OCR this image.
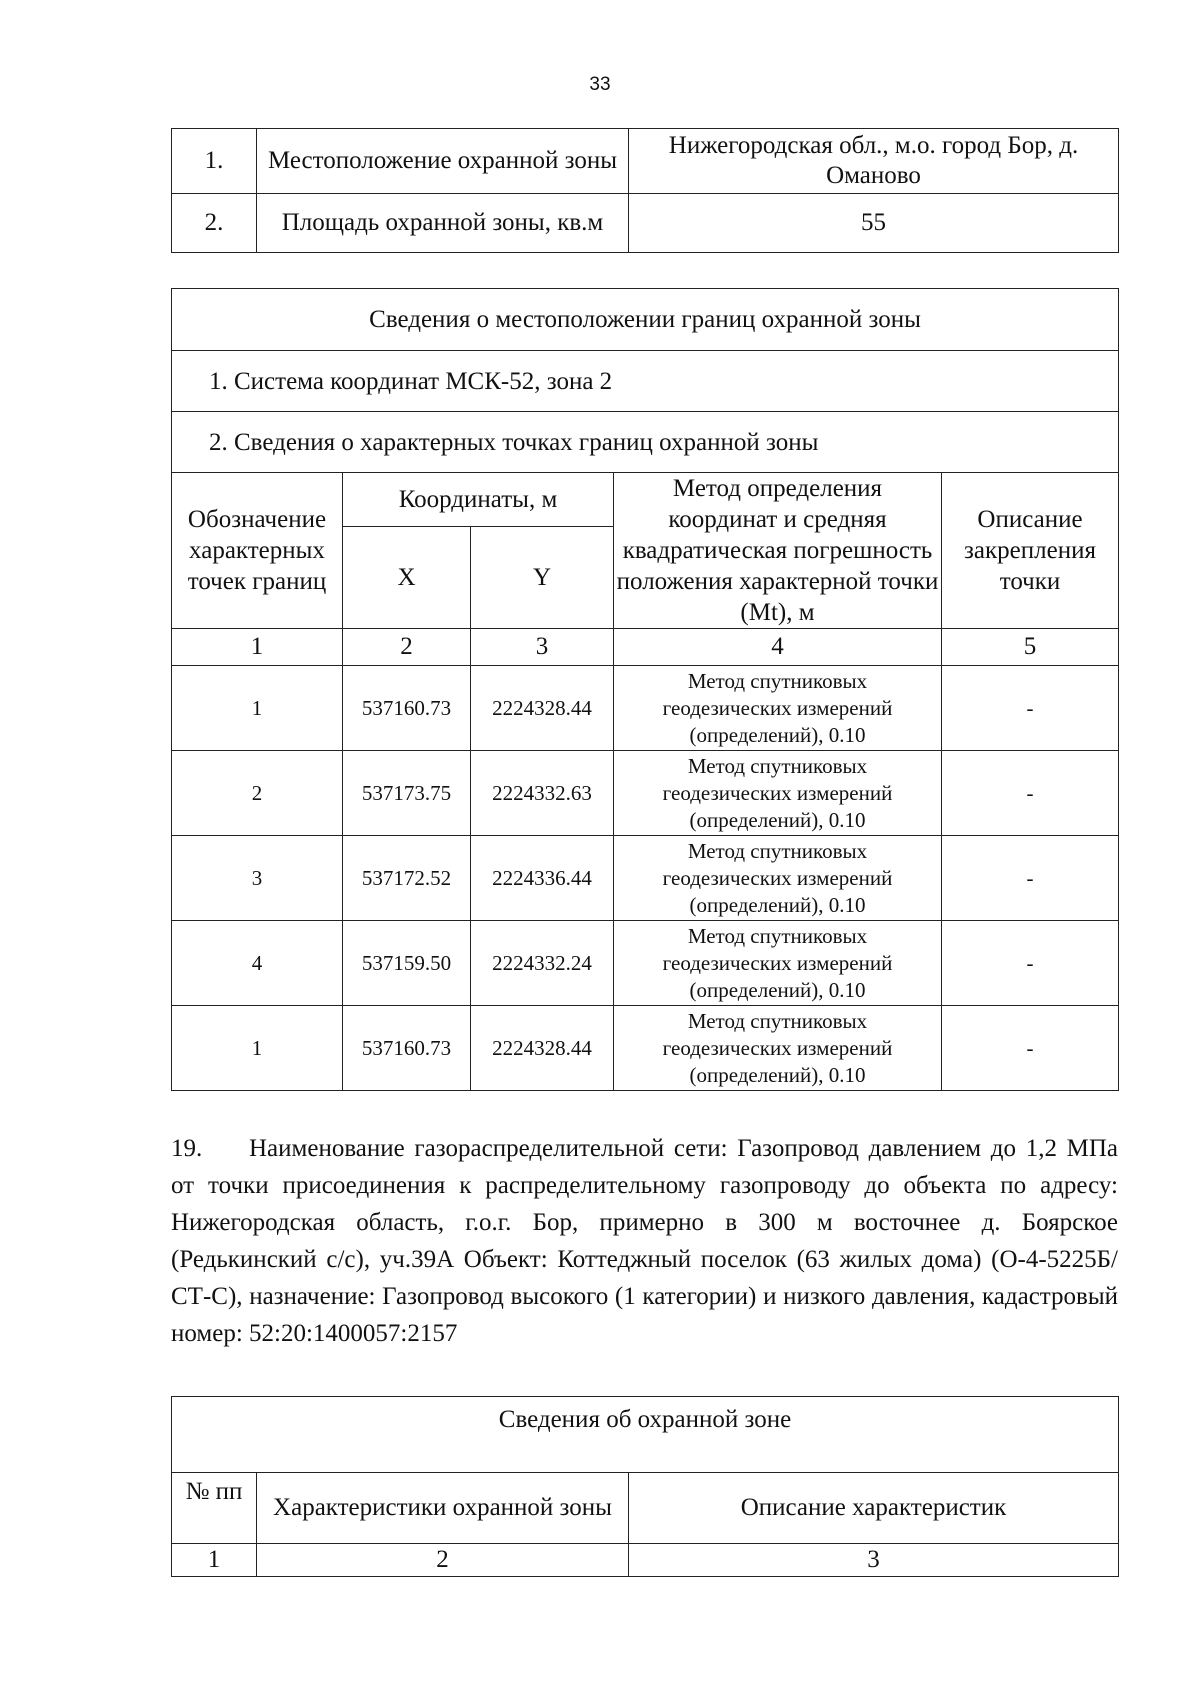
33
1.	Местоположение охранной зоны	Нижегородская обл., м.о. город Бор, д. Оманово
2.	Площадь охранной зоны, кв.м	55
Сведения о местоположении границ охранной зоны				
1. Система координат МСК-52, зона 2				
2. Сведения о характерных точках границ охранной зоны				
Обозначение характерных точек границ	Координаты, м		Метод определения координат и средняя квадратическая погрешность положения характерной точки (Mt), м	Описание закрепления точки
	X	Y		
1	2	3	4	5
1	537160.73	2224328.44	Метод спутниковых геодезических измерений (определений), 0.10	-
2	537173.75	2224332.63	Метод спутниковых геодезических измерений (определений), 0.10	-
3	537172.52	2224336.44	Метод спутниковых геодезических измерений (определений), 0.10	-
4	537159.50	2224332.24	Метод спутниковых геодезических измерений (определений), 0.10	-
1	537160.73	2224328.44	Метод спутниковых геодезических измерений (определений), 0.10	-

19. Наименование газораспределительной сети: Газопровод давлением до 1,2 МПа от точки присоединения к распределительному газопроводу до объекта по адресу: Нижегородская область, г.о.г. Бор, примерно в 300 м восточнее д. Боярское (Редькинский с/с), уч.39А Объект: Коттеджный поселок (63 жилых дома) (О-4-5225Б/СТ-С), назначение: Газопровод высокого (1 категории) и низкого давления, кадастровый номер: 52:20:1400057:2157

Сведения об охранной зоне		
№ пп	Характеристики охранной зоны	Описание характеристик
1	2	3
